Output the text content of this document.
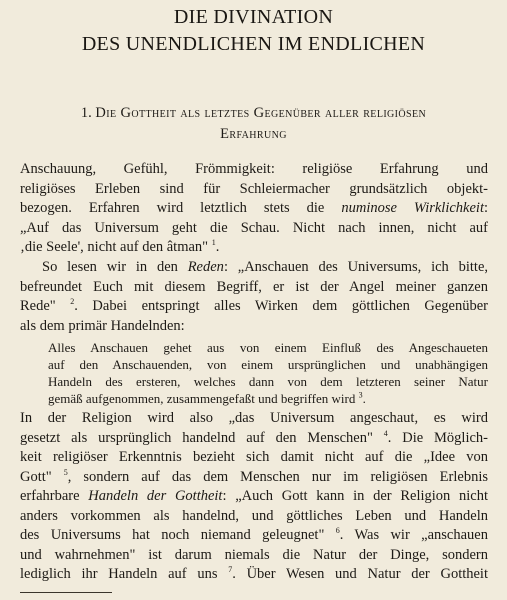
DIE DIVINATION
DES UNENDLICHEN IM ENDLICHEN
1. Die Gottheit als letztes Gegenüber aller religiösen
Erfahrung
Anschauung, Gefühl, Frömmigkeit: religiöse Erfahrung und
religiöses Erleben sind für Schleiermacher grundsätzlich objekt-
bezogen. Erfahren wird letztlich stets die numinose Wirklichkeit:
„Auf das Universum geht die Schau. Nicht nach innen, nicht auf
‚die Seele', nicht auf den âtman" $^1$.
So lesen wir in den Reden: „Anschauen des Universums, ich bitte,
befreundet Euch mit diesem Begriff, er ist der Angel meiner ganzen
Rede" $^2$. Dabei entspringt alles Wirken dem göttlichen Gegenüber
als dem primär Handelnden:
Alles Anschauen gehet aus von einem Einfluß des Angeschaueten
auf den Anschauenden, von einem ursprünglichen und unabhängigen
Handeln des ersteren, welches dann von dem letzteren seiner Natur
gemäß aufgenommen, zusammengefaßt und begriffen wird $^3$.
In der Religion wird also „das Universum angeschaut, es wird
gesetzt als ursprünglich handelnd auf den Menschen" $^4$. Die Möglich-
keit religiöser Erkenntnis bezieht sich damit nicht auf die „Idee von
Gott" $^5$, sondern auf das dem Menschen nur im religiösen Erlebnis
erfahrbare Handeln der Gottheit: „Auch Gott kann in der Religion nicht
anders vorkommen als handelnd, und göttliches Leben und Handeln
des Universums hat noch niemand geleugnet" $^6$. Was wir „anschauen
und wahrnehmen" ist darum niemals die Natur der Dinge, sondern
lediglich ihr Handeln auf uns $^7$. Über Wesen und Natur der Gottheit
